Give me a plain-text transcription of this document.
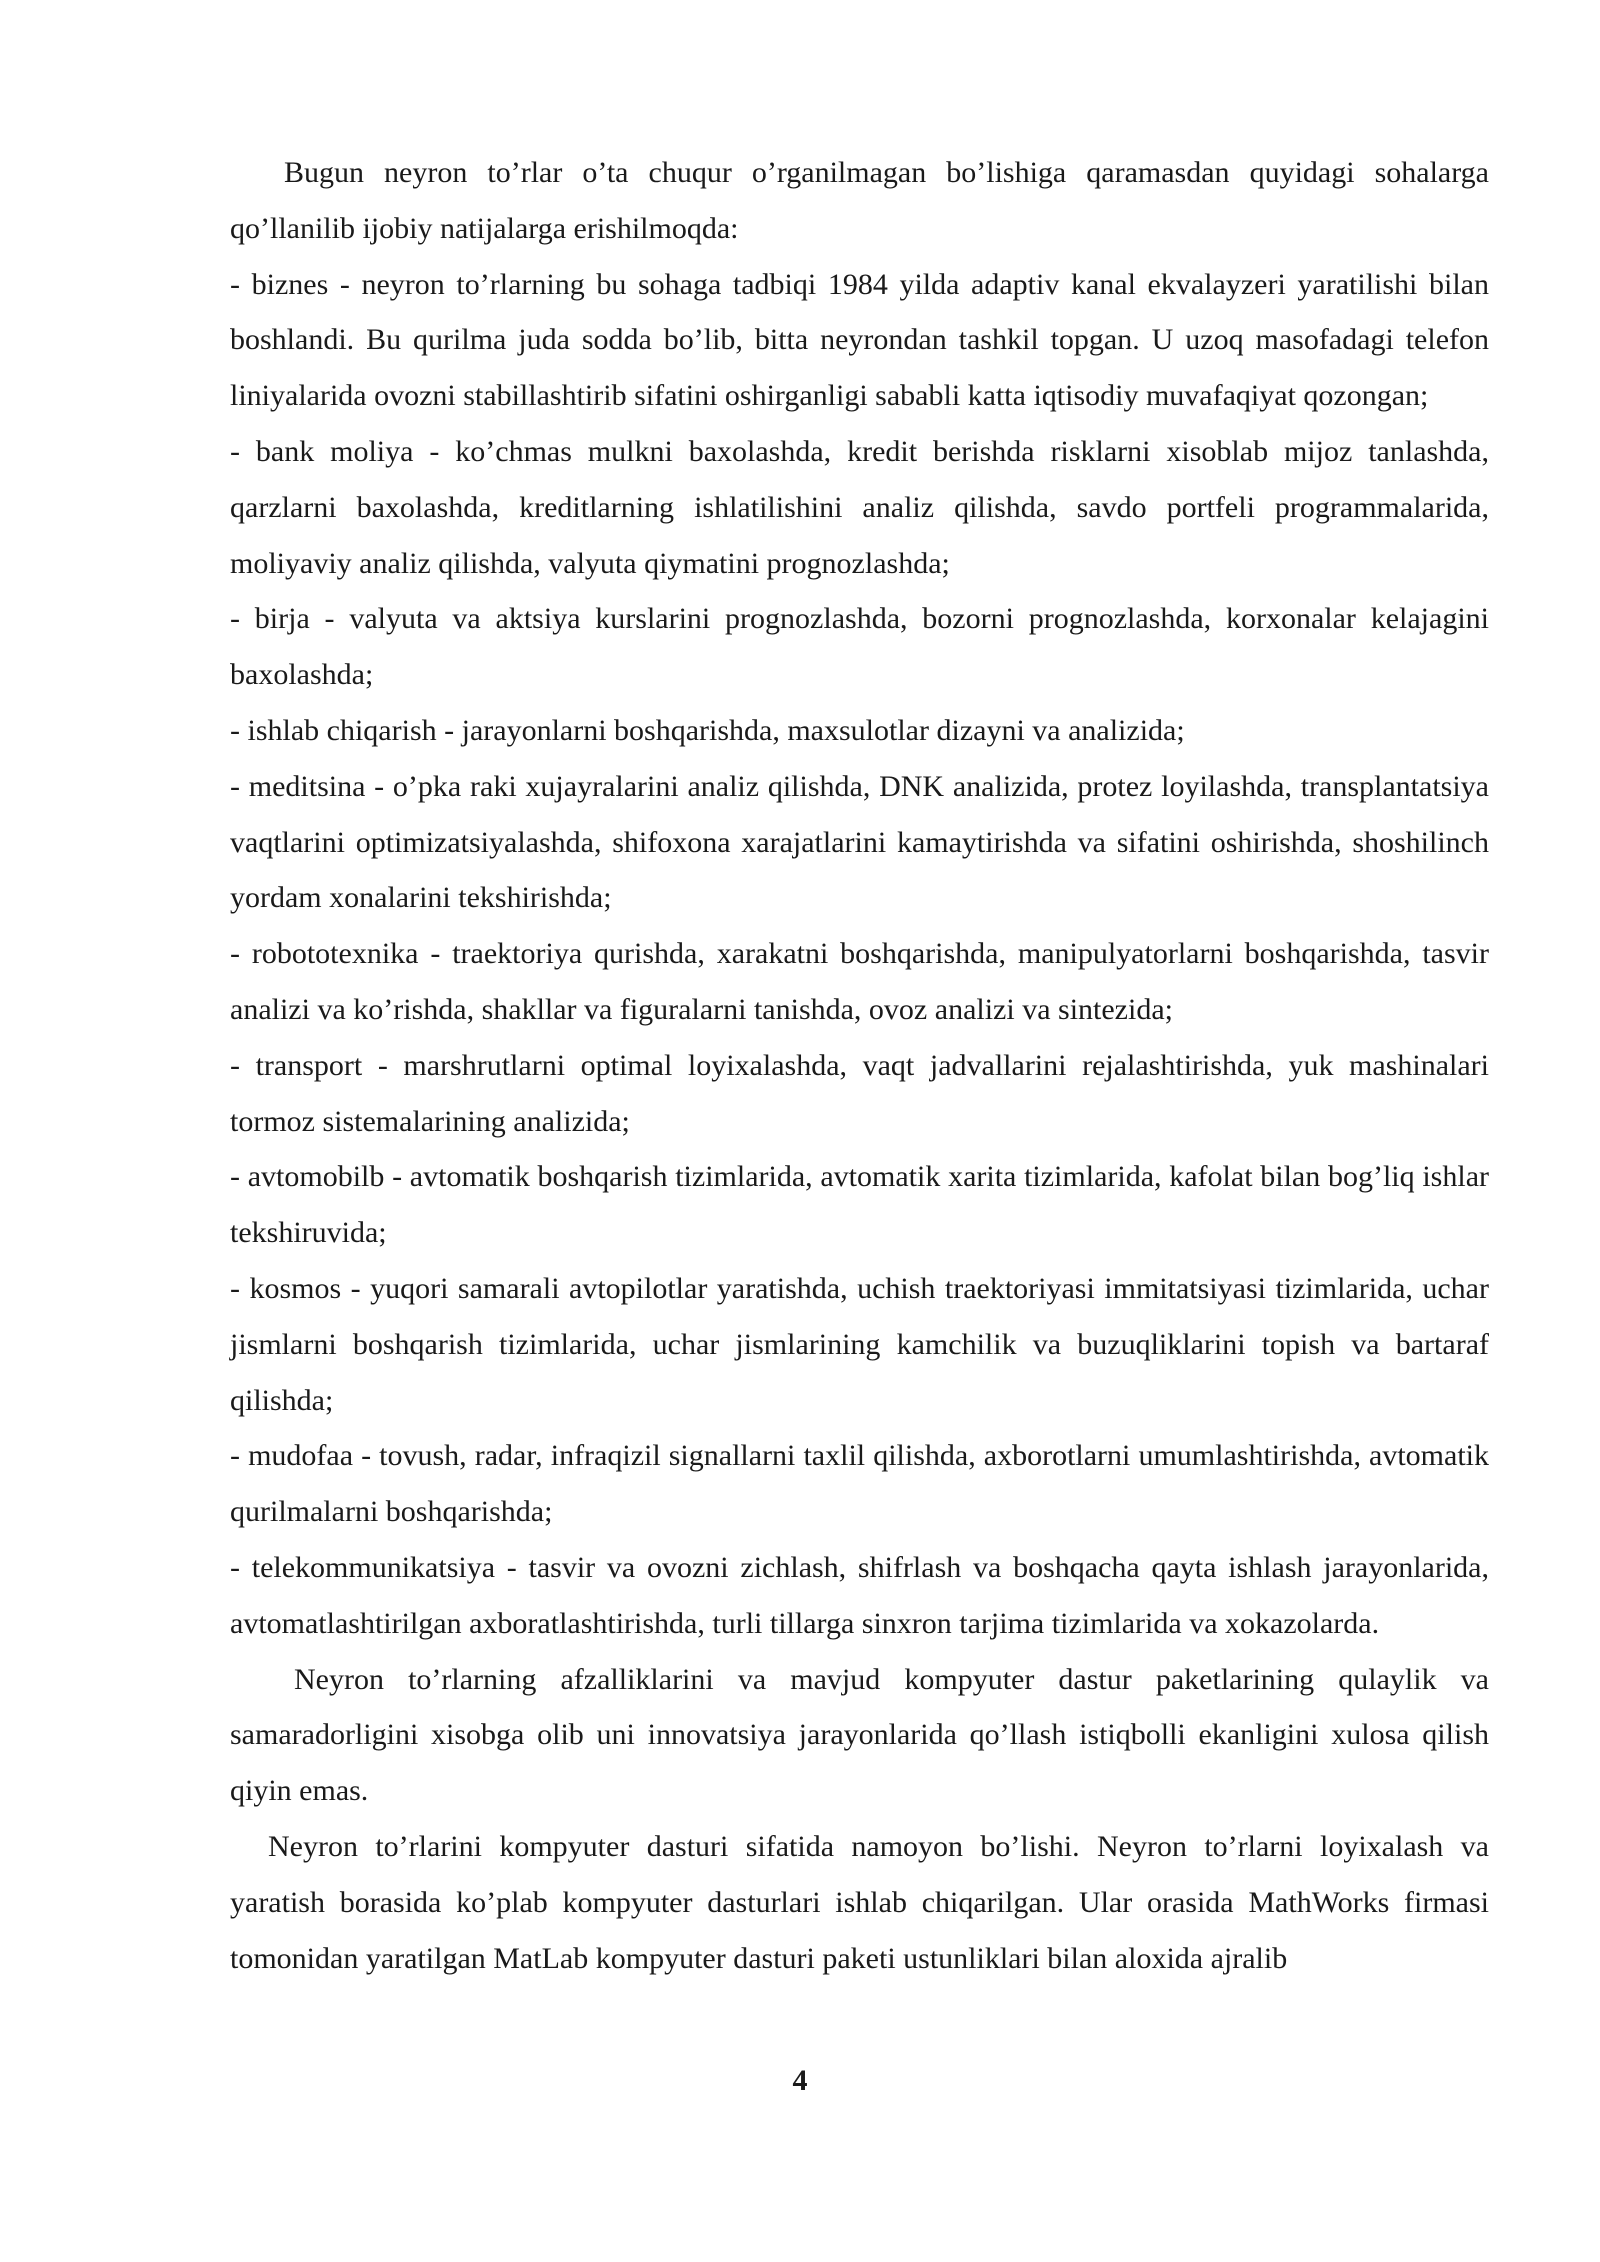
Bugun neyron to’rlar o’ta chuqur o’rganilmagan bo’lishiga qaramasdan quyidagi sohalarga qo’llanilib ijobiy natijalarga erishilmoqda:

- biznes - neyron to’rlarning bu sohaga tadbiqi 1984 yilda adaptiv kanal ekvalayzeri yaratilishi bilan boshlandi. Bu qurilma juda sodda bo’lib, bitta neyrondan tashkil topgan. U uzoq masofadagi telefon liniyalarida ovozni stabillashtirib sifatini oshirganligi sababli katta iqtisodiy muvafaqiyat qozongan;

- bank moliya - ko’chmas mulkni baxolashda, kredit berishda risklarni xisoblab mijoz tanlashda, qarzlarni baxolashda, kreditlarning ishlatilishini analiz qilishda, savdo portfeli programmalarida, moliyaviy analiz qilishda, valyuta qiymatini prognozlashda;

- birja - valyuta va aktsiya kurslarini prognozlashda, bozorni prognozlashda, korxonalar kelajagini baxolashda;

- ishlab chiqarish - jarayonlarni boshqarishda, maxsulotlar dizayni va analizida;

- meditsina - o’pka raki xujayralarini analiz qilishda, DNK analizida, protez loyilashda, transplantatsiya vaqtlarini optimizatsiyalashda, shifoxona xarajatlarini kamaytirishda va sifatini oshirishda, shoshilinch yordam xonalarini tekshirishda;

- robototexnika - traektoriya qurishda, xarakatni boshqarishda, manipulyatorlarni boshqarishda, tasvir analizi va ko’rishda, shakllar va figuralarni tanishda, ovoz analizi va sintezida;

- transport - marshrutlarni optimal loyixalashda, vaqt jadvallarini rejalashtirishda, yuk mashinalari tormoz sistemalarining analizida;

- avtomobilb - avtomatik boshqarish tizimlarida, avtomatik xarita tizimlarida, kafolat bilan bog’liq ishlar tekshiruvida;

- kosmos - yuqori samarali avtopilotlar yaratishda, uchish traektoriyasi immitatsiyasi tizimlarida, uchar jismlarni boshqarish tizimlarida, uchar jismlarining kamchilik va buzuqliklarini topish va bartaraf qilishda;

- mudofaa - tovush, radar, infraqizil signallarni taxlil qilishda, axborotlarni umumlashtirishda, avtomatik qurilmalarni boshqarishda;

- telekommunikatsiya - tasvir va ovozni zichlash, shifrlash va boshqacha qayta ishlash jarayonlarida, avtomatlashtirilgan axboratlashtirishda, turli tillarga sinxron tarjima tizimlarida va xokazolarda.

Neyron to’rlarning afzalliklarini va mavjud kompyuter dastur paketlarining qulaylik va samaradorligini xisobga olib uni innovatsiya jarayonlarida qo’llash istiqbolli ekanligini xulosa qilish qiyin emas.

Neyron to’rlarini kompyuter dasturi sifatida namoyon bo’lishi. Neyron to’rlarni loyixalash va yaratish borasida ko’plab kompyuter dasturlari ishlab chiqarilgan. Ular orasida MathWorks firmasi tomonidan yaratilgan MatLab kompyuter dasturi paketi ustunliklari bilan aloxida ajralib

4
